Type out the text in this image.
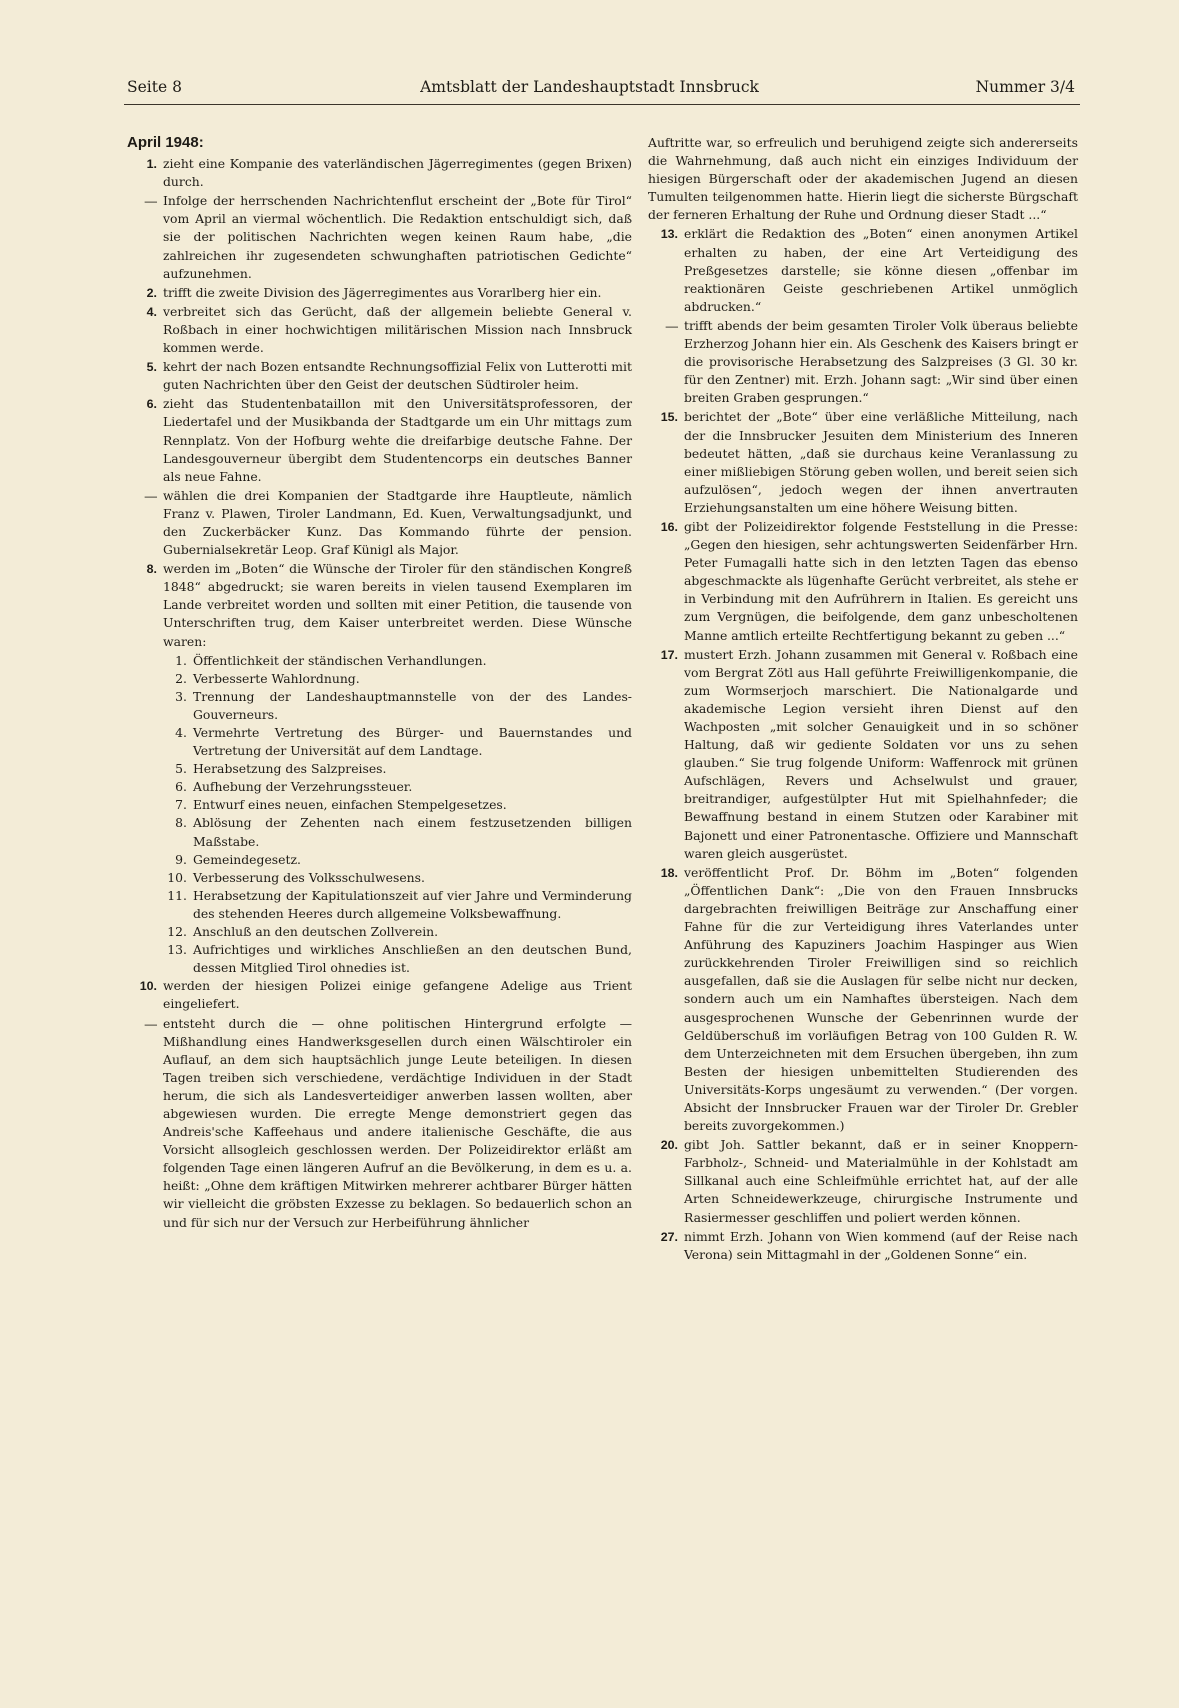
Seite 8	Amtsblatt der Landeshauptstadt Innsbruck	Nummer 3/4
April 1948:

1. zieht eine Kompanie des vaterländischen Jägerregimentes (gegen Brixen) durch.

— Infolge der herrschenden Nachrichtenflut erscheint der „Bote für Tirol“ vom April an viermal wöchentlich. Die Redaktion entschuldigt sich, daß sie der politischen Nachrichten wegen keinen Raum habe, „die zahlreichen ihr zugesendeten schwunghaften patriotischen Gedichte“ aufzunehmen.

2. trifft die zweite Division des Jägerregimentes aus Vorarlberg hier ein.

4. verbreitet sich das Gerücht, daß der allgemein beliebte General v. Roßbach in einer hochwichtigen militärischen Mission nach Innsbruck kommen werde.

5. kehrt der nach Bozen entsandte Rechnungsoffizial Felix von Lutterotti mit guten Nachrichten über den Geist der deutschen Südtiroler heim.

6. zieht das Studentenbataillon mit den Universitätsprofessoren, der Liedertafel und der Musikbanda der Stadtgarde um ein Uhr mittags zum Rennplatz. Von der Hofburg wehte die dreifarbige deutsche Fahne. Der Landesgouverneur übergibt dem Studentencorps ein deutsches Banner als neue Fahne.

— wählen die drei Kompanien der Stadtgarde ihre Hauptleute, nämlich Franz v. Plawen, Tiroler Landmann, Ed. Kuen, Verwaltungsadjunkt, und den Zuckerbäcker Kunz. Das Kommando führte der pension. Gubernialsekretär Leop. Graf Künigl als Major.

8. werden im „Boten“ die Wünsche der Tiroler für den ständischen Kongreß 1848“ abgedruckt; sie waren bereits in vielen tausend Exemplaren im Lande verbreitet worden und sollten mit einer Petition, die tausende von Unterschriften trug, dem Kaiser unterbreitet werden. Diese Wünsche waren:

1. Öffentlichkeit der ständischen Verhandlungen.

2. Verbesserte Wahlordnung.

3. Trennung der Landeshauptmannstelle von der des Landes-Gouverneurs.

4. Vermehrte Vertretung des Bürger- und Bauernstandes und Vertretung der Universität auf dem Landtage.

5. Herabsetzung des Salzpreises.

6. Aufhebung der Verzehrungssteuer.

7. Entwurf eines neuen, einfachen Stempelgesetzes.

8. Ablösung der Zehenten nach einem festzusetzenden billigen Maßstabe.

9. Gemeindegesetz.

10. Verbesserung des Volksschulwesens.

11. Herabsetzung der Kapitulationszeit auf vier Jahre und Verminderung des stehenden Heeres durch allgemeine Volksbewaffnung.

12. Anschluß an den deutschen Zollverein.

13. Aufrichtiges und wirkliches Anschließen an den deutschen Bund, dessen Mitglied Tirol ohnedies ist.

10. werden der hiesigen Polizei einige gefangene Adelige aus Trient eingeliefert.

— entsteht durch die — ohne politischen Hintergrund erfolgte — Mißhandlung eines Handwerksgesellen durch einen Wälschtiroler ein Auflauf, an dem sich hauptsächlich junge Leute beteiligen. In diesen Tagen treiben sich verschiedene, verdächtige Individuen in der Stadt herum, die sich als Landesverteidiger anwerben lassen wollten, aber abgewiesen wurden. Die erregte Menge demonstriert gegen das Andreis'sche Kaffeehaus und andere italienische Geschäfte, die aus Vorsicht allsogleich geschlossen werden. Der Polizeidirektor erläßt am folgenden Tage einen längeren Aufruf an die Bevölkerung, in dem es u. a. heißt: „Ohne dem kräftigen Mitwirken mehrerer achtbarer Bürger hätten wir vielleicht die gröbsten Exzesse zu beklagen. So bedauerlich schon an und für sich nur der Versuch zur Herbeiführung ähnlicher

Auftritte war, so erfreulich und beruhigend zeigte sich andererseits die Wahrnehmung, daß auch nicht ein einziges Individuum der hiesigen Bürgerschaft oder der akademischen Jugend an diesen Tumulten teilgenommen hatte. Hierin liegt die sicherste Bürgschaft der ferneren Erhaltung der Ruhe und Ordnung dieser Stadt ...“

13. erklärt die Redaktion des „Boten“ einen anonymen Artikel erhalten zu haben, der eine Art Verteidigung des Preßgesetzes darstelle; sie könne diesen „offenbar im reaktionären Geiste geschriebenen Artikel unmöglich abdrucken.“

— trifft abends der beim gesamten Tiroler Volk überaus beliebte Erzherzog Johann hier ein. Als Geschenk des Kaisers bringt er die provisorische Herabsetzung des Salzpreises (3 Gl. 30 kr. für den Zentner) mit. Erzh. Johann sagt: „Wir sind über einen breiten Graben gesprungen.“

15. berichtet der „Bote“ über eine verläßliche Mitteilung, nach der die Innsbrucker Jesuiten dem Ministerium des Inneren bedeutet hätten, „daß sie durchaus keine Veranlassung zu einer mißliebigen Störung geben wollen, und bereit seien sich aufzulösen“, jedoch wegen der ihnen anvertrauten Erziehungsanstalten um eine höhere Weisung bitten.

16. gibt der Polizeidirektor folgende Feststellung in die Presse: „Gegen den hiesigen, sehr achtungswerten Seidenfärber Hrn. Peter Fumagalli hatte sich in den letzten Tagen das ebenso abgeschmackte als lügenhafte Gerücht verbreitet, als stehe er in Verbindung mit den Aufrührern in Italien. Es gereicht uns zum Vergnügen, die beifolgende, dem ganz unbescholtenen Manne amtlich erteilte Rechtfertigung bekannt zu geben ...“

17. mustert Erzh. Johann zusammen mit General v. Roßbach eine vom Bergrat Zötl aus Hall geführte Freiwilligenkompanie, die zum Wormserjoch marschiert. Die Nationalgarde und akademische Legion versieht ihren Dienst auf den Wachposten „mit solcher Genauigkeit und in so schöner Haltung, daß wir gediente Soldaten vor uns zu sehen glauben.“ Sie trug folgende Uniform: Waffenrock mit grünen Aufschlägen, Revers und Achselwulst und grauer, breitrandiger, aufgestülpter Hut mit Spielhahnfeder; die Bewaffnung bestand in einem Stutzen oder Karabiner mit Bajonett und einer Patronentasche. Offiziere und Mannschaft waren gleich ausgerüstet.

18. veröffentlicht Prof. Dr. Böhm im „Boten“ folgenden „Öffentlichen Dank“: „Die von den Frauen Innsbrucks dargebrachten freiwilligen Beiträge zur Anschaffung einer Fahne für die zur Verteidigung ihres Vaterlandes unter Anführung des Kapuziners Joachim Haspinger aus Wien zurückkehrenden Tiroler Freiwilligen sind so reichlich ausgefallen, daß sie die Auslagen für selbe nicht nur decken, sondern auch um ein Namhaftes übersteigen. Nach dem ausgesprochenen Wunsche der Gebenrinnen wurde der Geldüberschuß im vorläufigen Betrag von 100 Gulden R. W. dem Unterzeichneten mit dem Ersuchen übergeben, ihn zum Besten der hiesigen unbemittelten Studierenden des Universitäts-Korps ungesäumt zu verwenden.“ (Der vorgen. Absicht der Innsbrucker Frauen war der Tiroler Dr. Grebler bereits zuvorgekommen.)

20. gibt Joh. Sattler bekannt, daß er in seiner Knoppern-Farbholz-, Schneid- und Materialmühle in der Kohlstadt am Sillkanal auch eine Schleifmühle errichtet hat, auf der alle Arten Schneidewerkzeuge, chirurgische Instrumente und Rasiermesser geschliffen und poliert werden können.

27. nimmt Erzh. Johann von Wien kommend (auf der Reise nach Verona) sein Mittagmahl in der „Goldenen Sonne“ ein.
